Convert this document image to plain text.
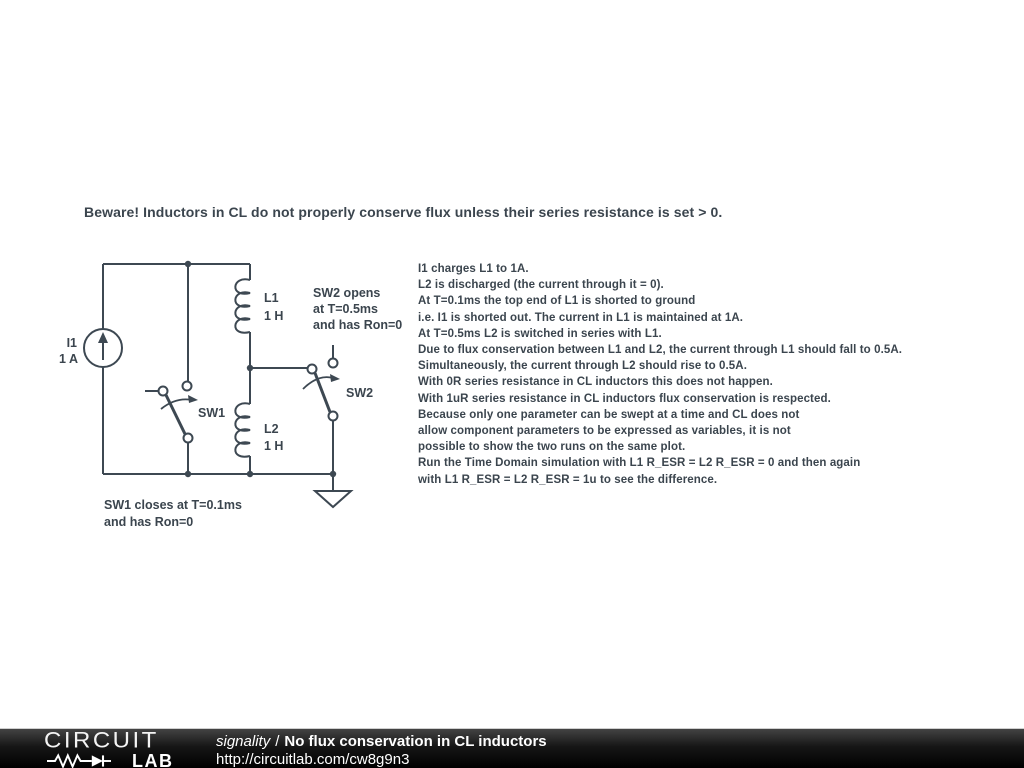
Beware! Inductors in CL do not properly conserve flux unless their series resistance is set > 0.
I1
1 A
L1
1 H
L2
1 H
SW1
SW2
SW2 opens
at T=0.5ms
and has Ron=0
SW1 closes at T=0.1ms
and has Ron=0
I1 charges L1 to 1A.
L2 is discharged (the current through it = 0).
At T=0.1ms the top end of L1 is shorted to ground
i.e. I1 is shorted out. The current in L1 is maintained at 1A.
At T=0.5ms L2 is switched in series with L1.
Due to flux conservation between L1 and L2, the current through L1 should fall to 0.5A.
Simultaneously, the current through L2 should rise to 0.5A.
With 0R series resistance in CL inductors this does not happen.
With 1uR series resistance in CL inductors flux conservation is respected.
Because only one parameter can be swept at a time and CL does not
allow component parameters to be expressed as variables, it is not
possible to show the two runs on the same plot.
Run the Time Domain simulation with L1 R_ESR = L2 R_ESR = 0 and then again
with L1 R_ESR = L2 R_ESR = 1u to see the difference.
CIRCUIT
LAB
signality / No flux conservation in CL inductors
http://circuitlab.com/cw8g9n3
